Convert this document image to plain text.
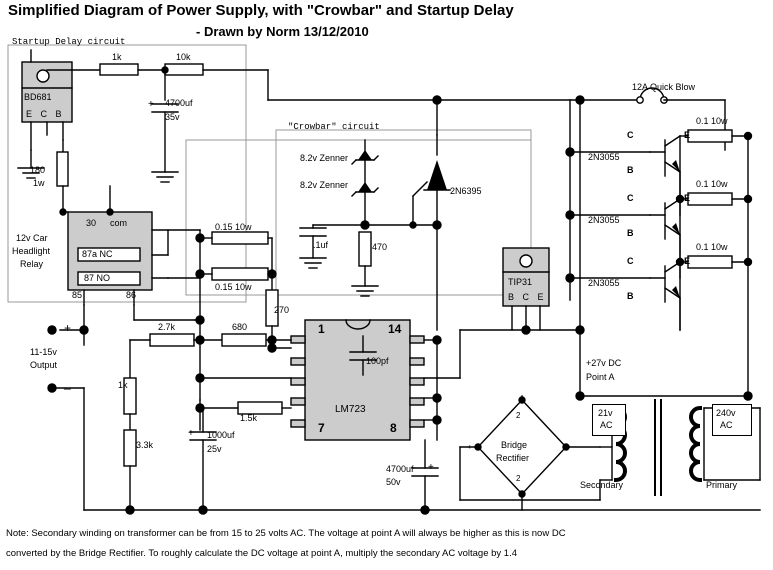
Simplified Diagram of Power Supply, with "Crowbar" and Startup Delay
- Drawn by Norm 13/12/2010
Startup Delay circuit
"Crowbar" circuit
BD681
E C B
1k	10k
4700uf
35v
+
180
1w
12v Car
Headlight
Relay
30 com
87a NC
87 NO
85	86
+
_
11-15v
Output
8.2v Zenner
8.2v Zenner
2N6395
.1uf	470
0.15 10w
0.15 10w
270
2.7k	680
1k
3.3k
1000uf
25v
+
1.5k
1	14
7	8
LM723
100pf
4700uf
50v
+
TIP31
B C E
12A Quick Blow
0.1 10w
0.1 10w
0.1 10w
C	E
B
2N3055
C	E
B
2N3055
C	E
B
2N3055
+27v DC
Point A
Bridge
Rectifier
2
2
‹	›
21v
AC
Secondary
240v
AC
Primary
Note: Secondary winding on transformer can be from 15 to 25 volts AC. The voltage at point A will always be higher as this is now DC
converted by the Bridge Rectifier. To roughly calculate the DC voltage at point A, multiply the secondary AC voltage by 1.4
